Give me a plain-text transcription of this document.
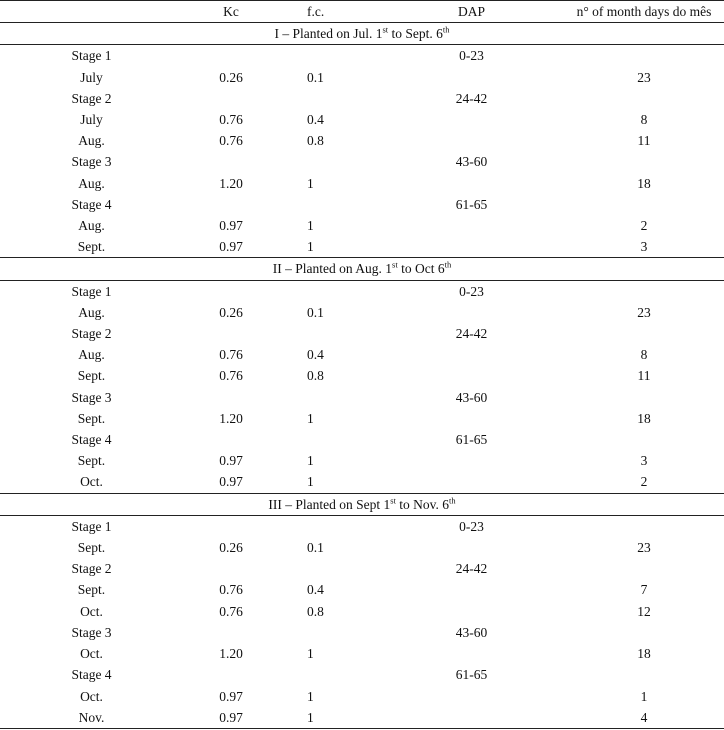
	Kc	f.c.	DAP	n° of month days do mês
I – Planted on Jul. 1st to Sept. 6th
Stage 1			0-23	
July	0.26	0.1		23
Stage 2			24-42	
July	0.76	0.4		8
Aug.	0.76	0.8		11
Stage 3			43-60	
Aug.	1.20	1		18
Stage 4			61-65	
Aug.	0.97	1		2
Sept.	0.97	1		3
II – Planted on Aug. 1st to Oct 6th
Stage 1			0-23	
Aug.	0.26	0.1		23
Stage 2			24-42	
Aug.	0.76	0.4		8
Sept.	0.76	0.8		11
Stage 3			43-60	
Sept.	1.20	1		18
Stage 4			61-65	
Sept.	0.97	1		3
Oct.	0.97	1		2
III – Planted on Sept 1st to Nov. 6th
Stage 1			0-23	
Sept.	0.26	0.1		23
Stage 2			24-42	
Sept.	0.76	0.4		7
Oct.	0.76	0.8		12
Stage 3			43-60	
Oct.	1.20	1		18
Stage 4			61-65	
Oct.	0.97	1		1
Nov.	0.97	1		4
